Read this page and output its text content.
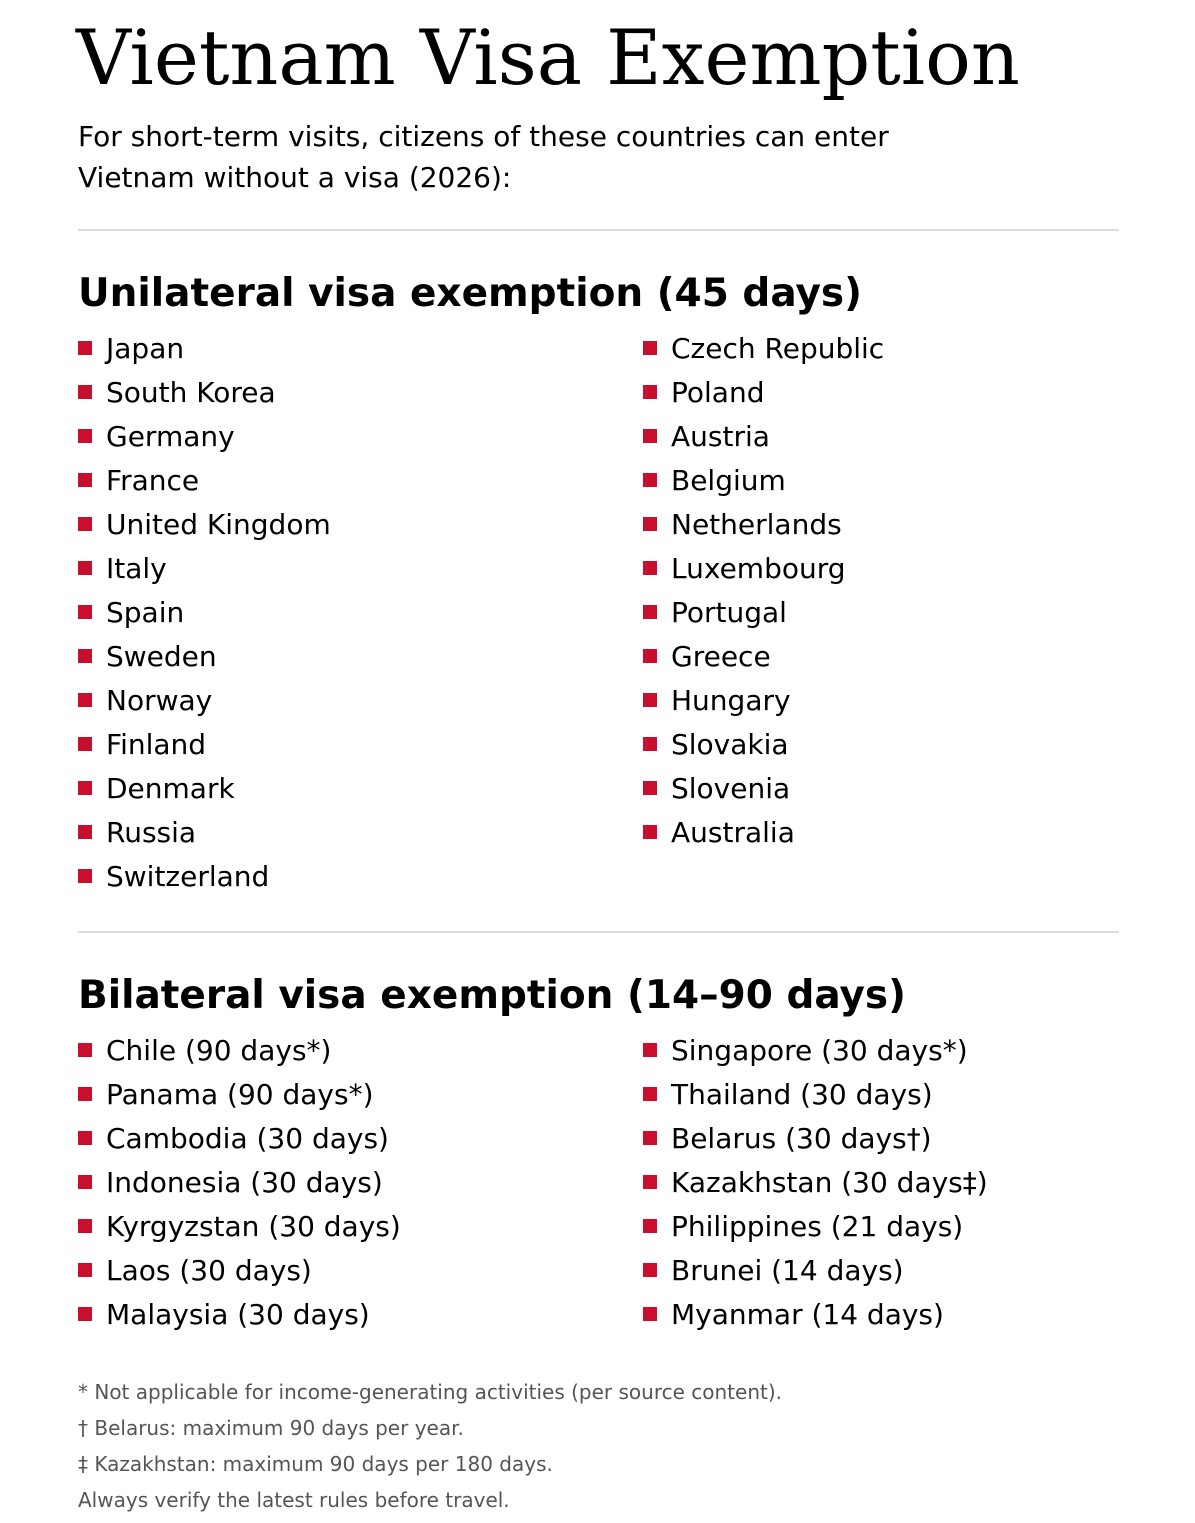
Vietnam Visa Exemption

For short-term visits, citizens of these countries can enter Vietnam without a visa (2026):

Unilateral visa exemption (45 days)
Japan
South Korea
Germany
France
United Kingdom
Italy
Spain
Sweden
Norway
Finland
Denmark
Russia
Switzerland
Czech Republic
Poland
Austria
Belgium
Netherlands
Luxembourg
Portugal
Greece
Hungary
Slovakia
Slovenia
Australia
Bilateral visa exemption (14–90 days)
Chile (90 days*)
Panama (90 days*)
Cambodia (30 days)
Indonesia (30 days)
Kyrgyzstan (30 days)
Laos (30 days)
Malaysia (30 days)
Singapore (30 days*)
Thailand (30 days)
Belarus (30 days†)
Kazakhstan (30 days‡)
Philippines (21 days)
Brunei (14 days)
Myanmar (14 days)
* Not applicable for income-generating activities (per source content).
† Belarus: maximum 90 days per year.
‡ Kazakhstan: maximum 90 days per 180 days.
Always verify the latest rules before travel.
